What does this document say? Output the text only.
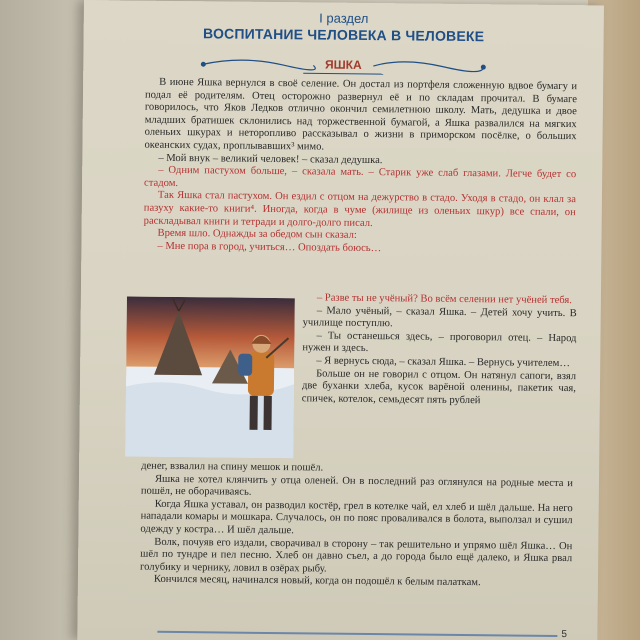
I раздел
ВОСПИТАНИЕ ЧЕЛОВЕКА В ЧЕЛОВЕКЕ
ЯШКА

В июне Яшка вернулся в своё селение. Он достал из портфеля сложенную вдвое бумагу и подал её родителям. Отец осторожно развернул её и по складам прочитал. В бумаге говорилось, что Яков Ледков отлично окончил семилетнюю школу. Мать, дедушка и двое младших братишек склонились над торжественной бумагой, а Яшка развалился на мягких оленьих шкурах и неторопливо рассказывал о жизни в приморском посёлке, о больших океанских судах, проплывавших³ мимо.

– Мой внук – великий человек! – сказал дедушка.

– Одним пастухом больше, – сказала мать. – Старик уже слаб глазами. Легче будет со стадом.

Так Яшка стал пастухом. Он ездил с отцом на дежурство в стадо. Уходя в стадо, он клал за пазуху какие-то книги⁴. Иногда, когда в чуме (жилище из оленьих шкур) все спали, он раскладывал книги и тетради и долго-долго писал.

Время шло. Однажды за обедом сын сказал:

– Мне пора в город, учиться… Опоздать боюсь…

– Разве ты не учёный? Во всём селении нет учёней тебя.

– Мало учёный, – сказал Яшка. – Детей хочу учить. В училище поступлю.

– Ты останешься здесь, – проговорил отец. – Народ нужен и здесь.

– Я вернусь сюда, – сказал Яшка. – Вернусь учителем…

Больше он не говорил с отцом. Он натянул сапоги, взял две буханки хлеба, кусок варёной оленины, пакетик чая, спичек, котелок, семьдесят пять рублей

денег, взвалил на спину мешок и пошёл.

Яшка не хотел клянчить у отца оленей. Он в последний раз оглянулся на родные места и пошёл, не оборачиваясь.

Когда Яшка уставал, он разводил костёр, грел в котелке чай, ел хлеб и шёл дальше. На него нападали комары и мошкара. Случалось, он по пояс проваливался в болота, выползал и сушил одежду у костра… И шёл дальше.

Волк, почуяв его издали, сворачивал в сторону – так решительно и упрямо шёл Яшка… Он шёл по тундре и пел песню. Хлеб он давно съел, а до города было ещё далеко, и Яшка рвал голубику и чернику, ловил в озёрах рыбу.

Кончился месяц, начинался новый, когда он подошёл к белым палаткам.

5
